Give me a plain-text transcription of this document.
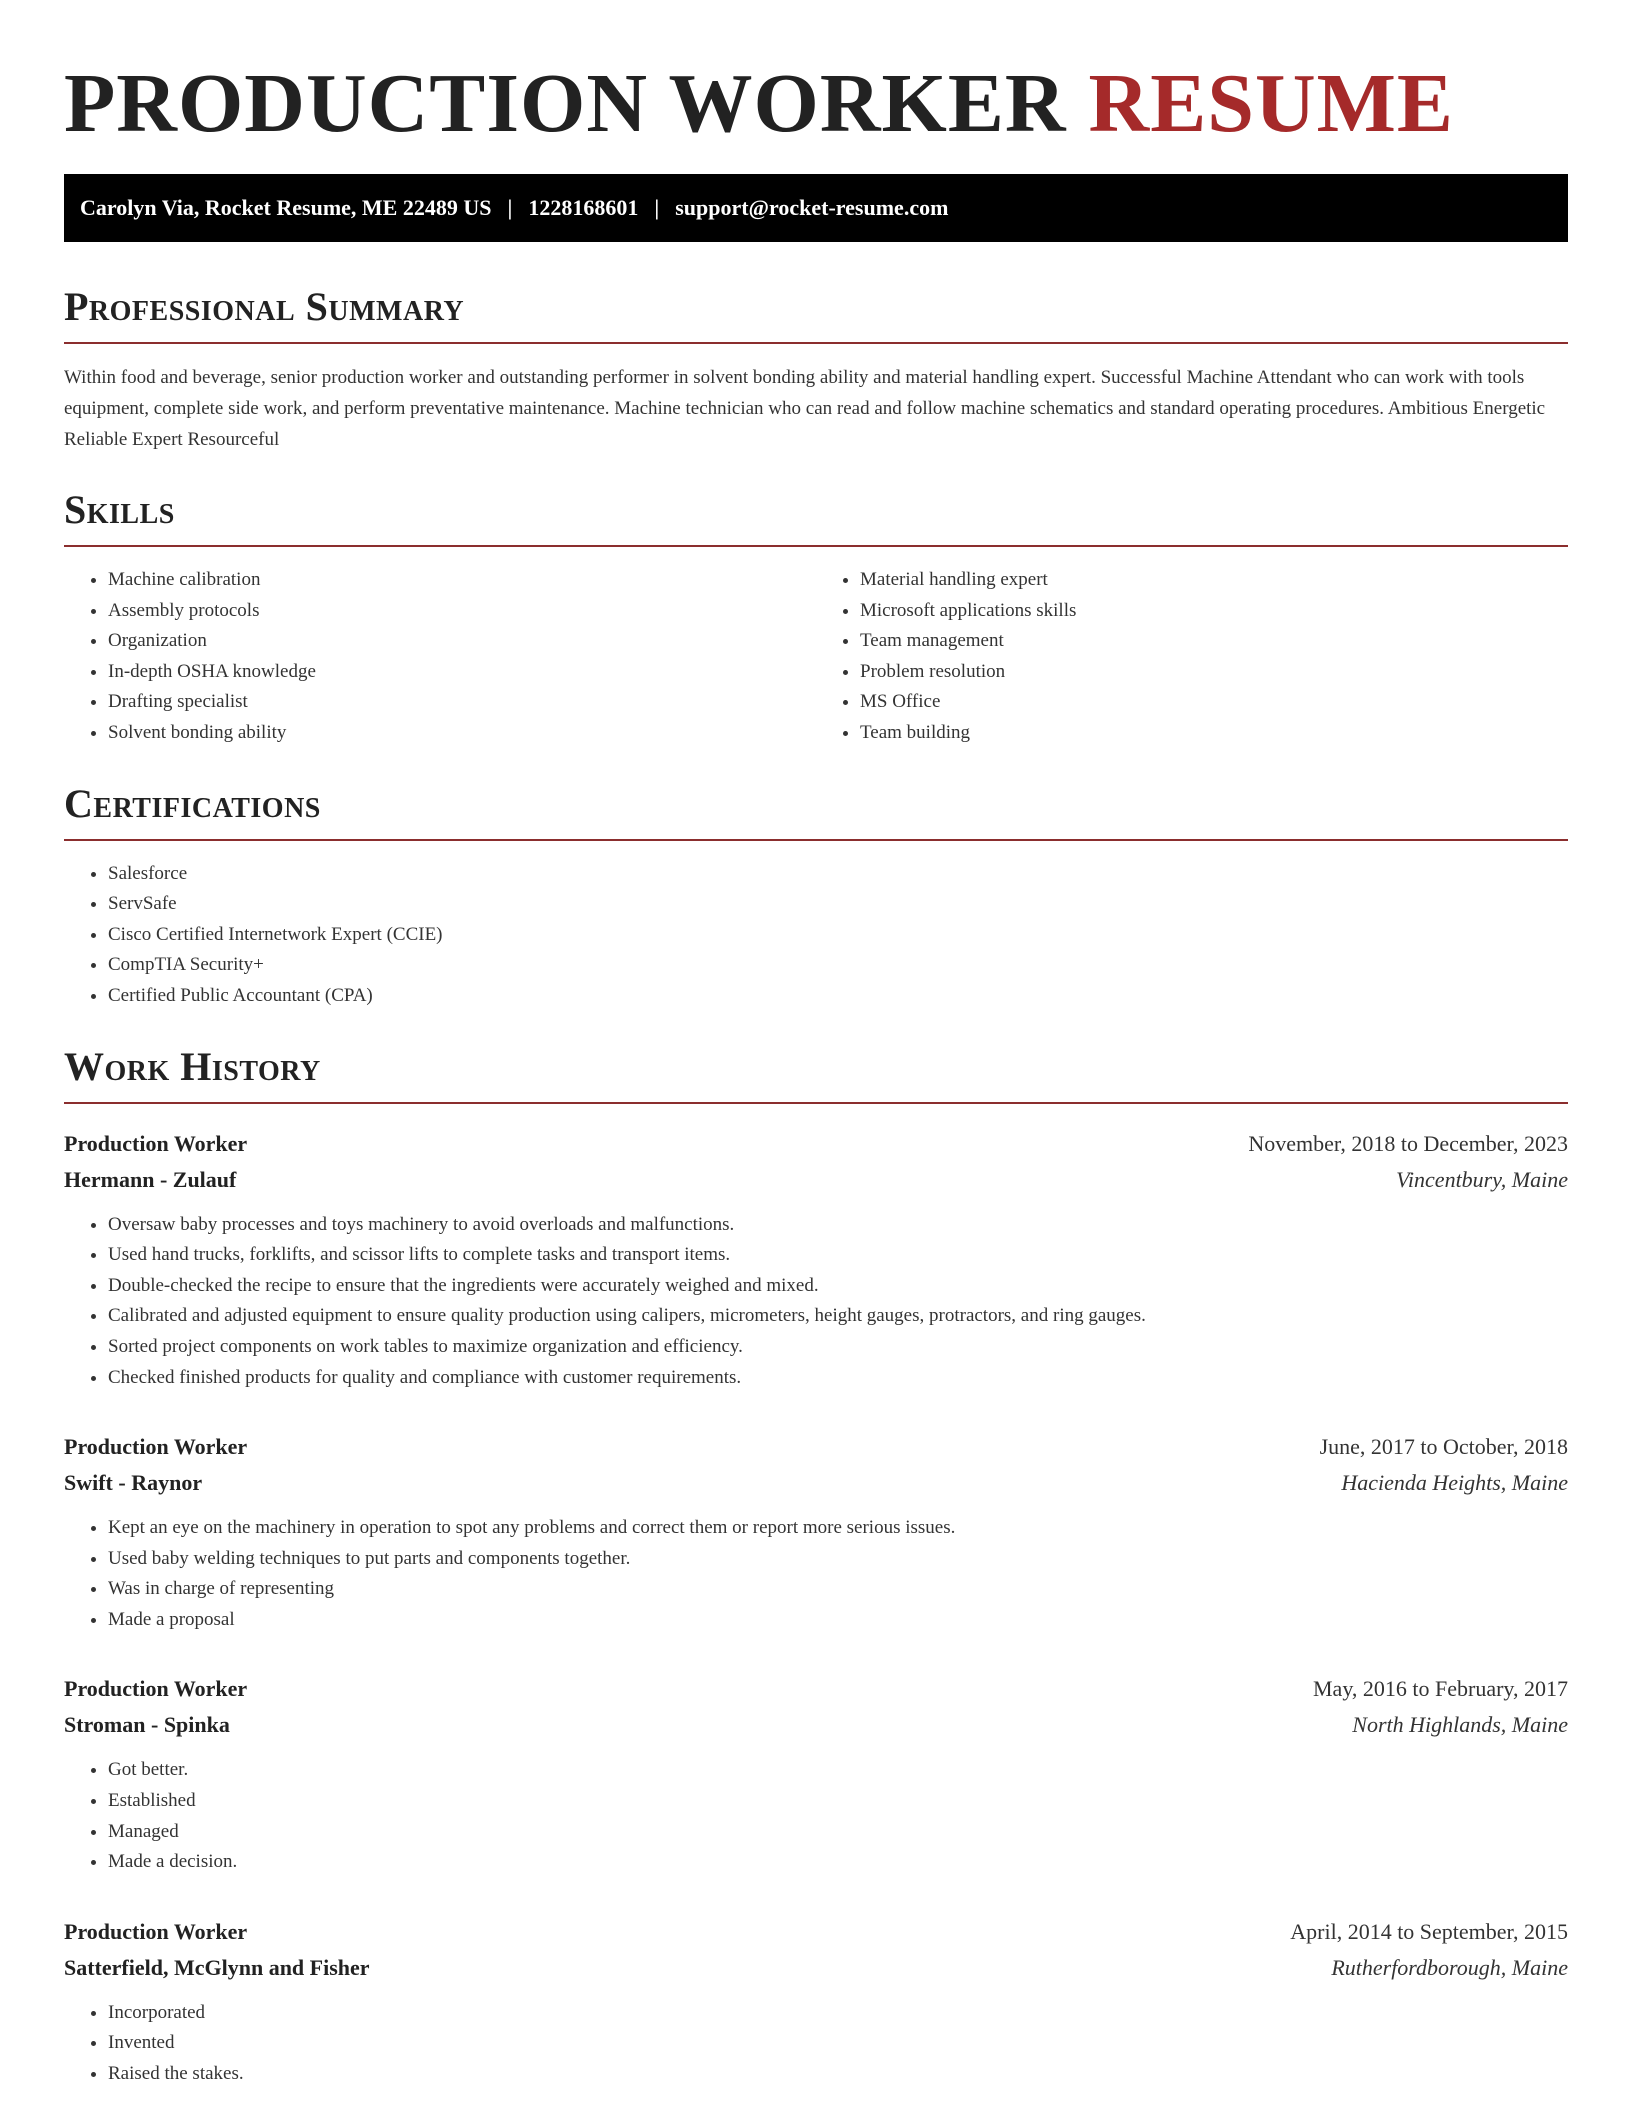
PRODUCTION WORKER RESUME
Carolyn Via, Rocket Resume, ME 22489 US | 1228168601 | support@rocket-resume.com
Professional Summary

Within food and beverage, senior production worker and outstanding performer in solvent bonding ability and material handling expert. Successful Machine Attendant who can work with tools equipment, complete side work, and perform preventative maintenance. Machine technician who can read and follow machine schematics and standard operating procedures. Ambitious Energetic Reliable Expert Resourceful

Skills
• Machine calibration
• Assembly protocols
• Organization
• In-depth OSHA knowledge
• Drafting specialist
• Solvent bonding ability
• Material handling expert
• Microsoft applications skills
• Team management
• Problem resolution
• MS Office
• Team building
Certifications
• Salesforce
• ServSafe
• Cisco Certified Internetwork Expert (CCIE)
• CompTIA Security+
• Certified Public Accountant (CPA)
Work History
Production Worker	November, 2018 to December, 2023
Hermann - Zulauf	Vincentbury, Maine
• Oversaw baby processes and toys machinery to avoid overloads and malfunctions.
• Used hand trucks, forklifts, and scissor lifts to complete tasks and transport items.
• Double-checked the recipe to ensure that the ingredients were accurately weighed and mixed.
• Calibrated and adjusted equipment to ensure quality production using calipers, micrometers, height gauges, protractors, and ring gauges.
• Sorted project components on work tables to maximize organization and efficiency.
• Checked finished products for quality and compliance with customer requirements.
Production Worker	June, 2017 to October, 2018
Swift - Raynor	Hacienda Heights, Maine
• Kept an eye on the machinery in operation to spot any problems and correct them or report more serious issues.
• Used baby welding techniques to put parts and components together.
• Was in charge of representing
• Made a proposal
Production Worker	May, 2016 to February, 2017
Stroman - Spinka	North Highlands, Maine
• Got better.
• Established
• Managed
• Made a decision.
Production Worker	April, 2014 to September, 2015
Satterfield, McGlynn and Fisher	Rutherfordborough, Maine
• Incorporated
• Invented
• Raised the stakes.
